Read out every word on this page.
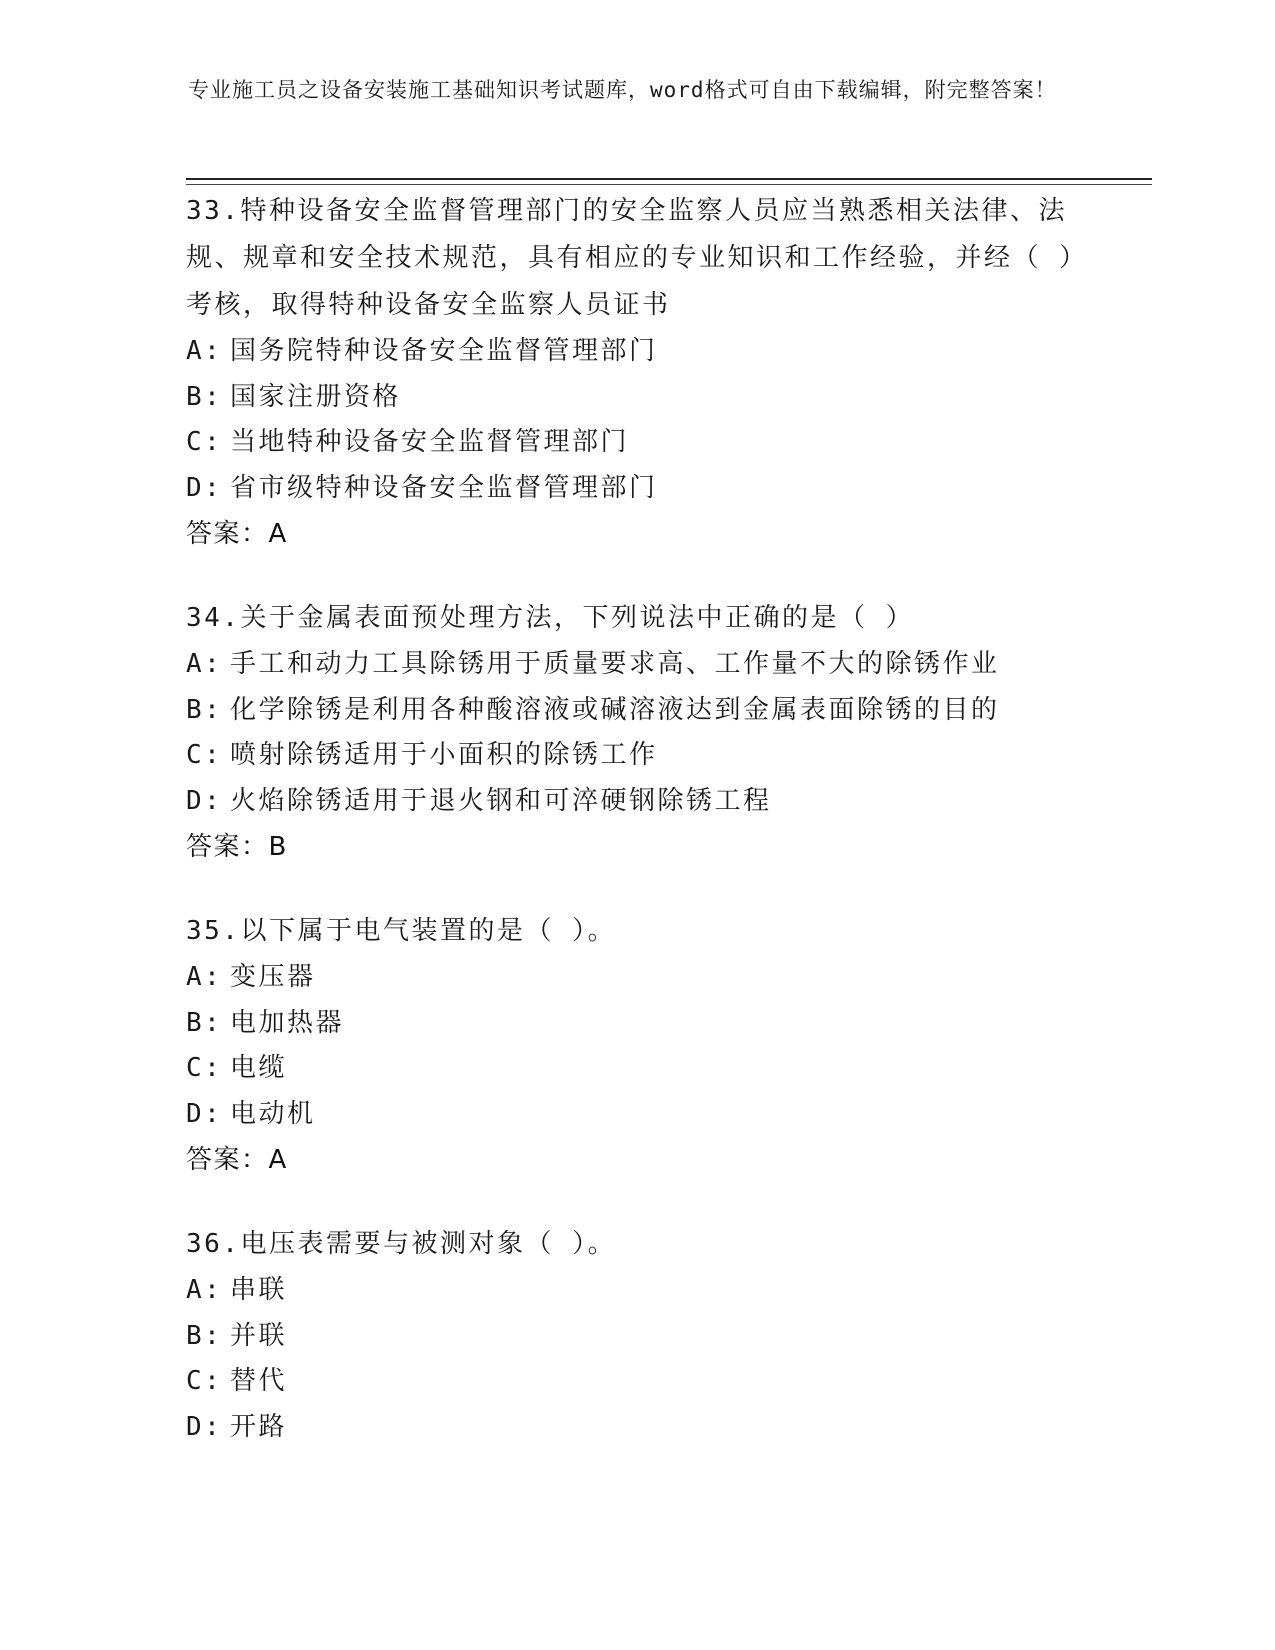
专业施工员之设备安装施工基础知识考试题库，word格式可自由下载编辑，附完整答案！

33.特种设备安全监督管理部门的安全监察人员应当熟悉相关法律、法规、规章和安全技术规范，具有相应的专业知识和工作经验，并经（ ）考核，取得特种设备安全监察人员证书

A: 国务院特种设备安全监督管理部门

B: 国家注册资格

C: 当地特种设备安全监督管理部门

D: 省市级特种设备安全监督管理部门

答案：A

34.关于金属表面预处理方法，下列说法中正确的是（ ）

A: 手工和动力工具除锈用于质量要求高、工作量不大的除锈作业

B: 化学除锈是利用各种酸溶液或碱溶液达到金属表面除锈的目的

C: 喷射除锈适用于小面积的除锈工作

D: 火焰除锈适用于退火钢和可淬硬钢除锈工程

答案：B

35.以下属于电气装置的是（ ）。

A: 变压器

B: 电加热器

C: 电缆

D: 电动机

答案：A

36.电压表需要与被测对象（ ）。

A: 串联

B: 并联

C: 替代

D: 开路
